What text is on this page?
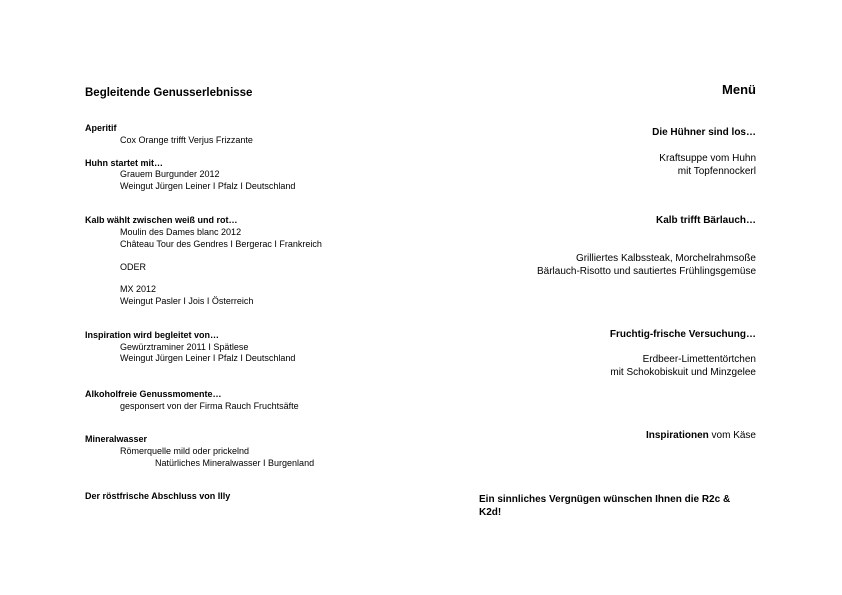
Begleitende Genusserlebnisse
Aperitif
Cox Orange trifft Verjus Frizzante
Huhn startet mit…
Grauem Burgunder 2012
Weingut Jürgen Leiner I Pfalz I Deutschland
Kalb wählt zwischen weiß und rot…
Moulin des Dames blanc 2012
Château Tour des Gendres I Bergerac I Frankreich
ODER
MX 2012
Weingut Pasler I Jois I Österreich
Inspiration wird begleitet von…
Gewürztraminer 2011 I Spätlese
Weingut Jürgen Leiner I Pfalz I Deutschland
Alkoholfreie Genussmomente…
gesponsert von der Firma Rauch Fruchtsäfte
Mineralwasser
Römerquelle mild oder prickelnd
Natürliches Mineralwasser I Burgenland
Der röstfrische Abschluss von Illy
Menü
Die Hühner sind los…
Kraftsuppe vom Huhn
mit Topfennockerl
Kalb trifft Bärlauch…
Grilliertes Kalbssteak, Morchelrahmsoße
Bärlauch-Risotto und sautiertes Frühlingsgemüse
Fruchtig-frische Versuchung…
Erdbeer-Limettentörtchen
mit Schokobiskuit und Minzgelee
Inspirationen vom Käse
Ein sinnliches Vergnügen wünschen Ihnen die R2c &
K2d!
